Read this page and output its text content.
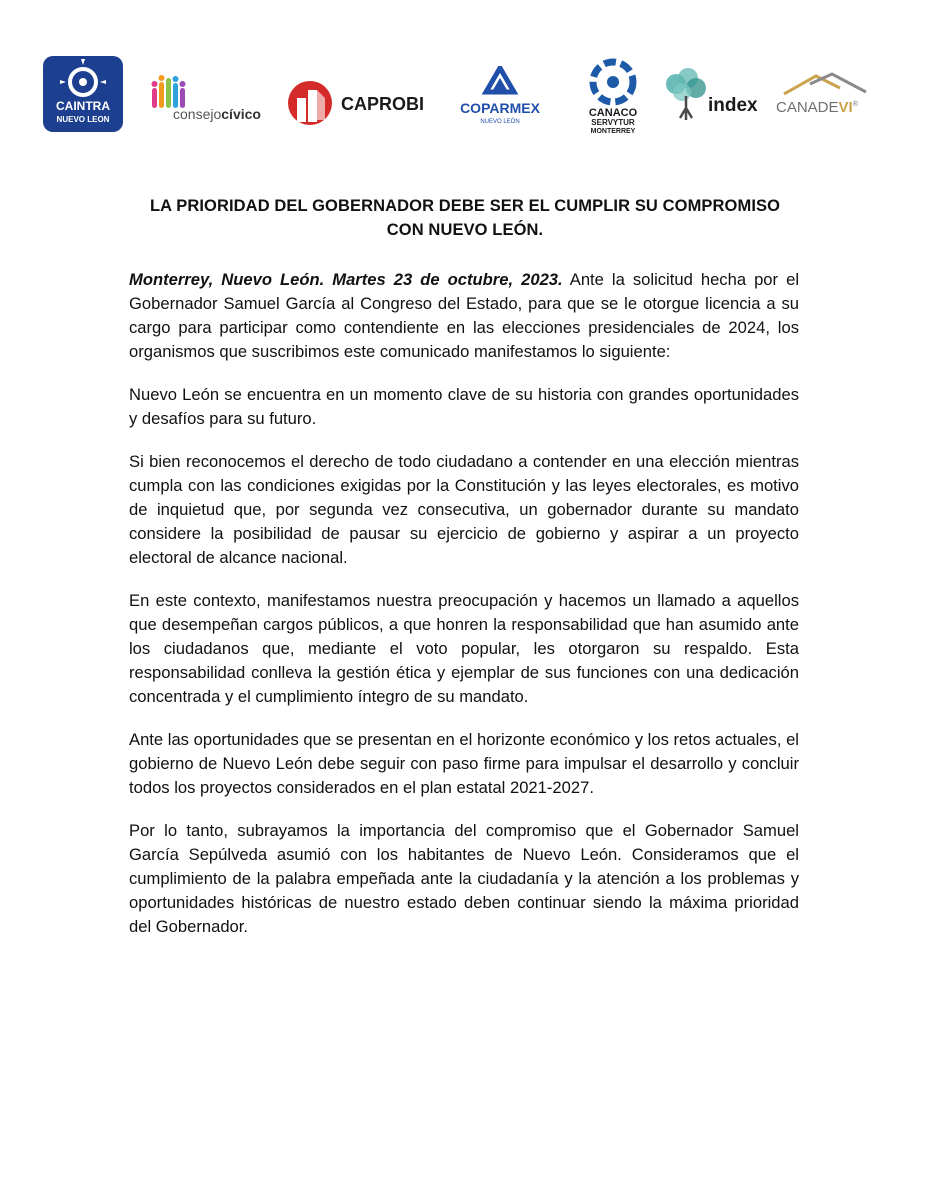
CAINTRA
NUEVO LEON	consejocívico	CAPROBI	COPARMEX
NUEVO LEÓN
CANACO
SERVYTUR
MONTERREY
index CANADEVI®
LA PRIORIDAD DEL GOBERNADOR DEBE SER EL CUMPLIR SU COMPROMISO
CON NUEVO LEÓN.

Monterrey, Nuevo León. Martes 23 de octubre, 2023. Ante la solicitud hecha por el Gobernador Samuel García al Congreso del Estado, para que se le otorgue licencia a su cargo para participar como contendiente en las elecciones presidenciales de 2024, los organismos que suscribimos este comunicado manifestamos lo siguiente:

Nuevo León se encuentra en un momento clave de su historia con grandes oportunidades y desafíos para su futuro.

Si bien reconocemos el derecho de todo ciudadano a contender en una elección mientras cumpla con las condiciones exigidas por la Constitución y las leyes electorales, es motivo de inquietud que, por segunda vez consecutiva, un gobernador durante su mandato considere la posibilidad de pausar su ejercicio de gobierno y aspirar a un proyecto electoral de alcance nacional.

En este contexto, manifestamos nuestra preocupación y hacemos un llamado a aquellos que desempeñan cargos públicos, a que honren la responsabilidad que han asumido ante los ciudadanos que, mediante el voto popular, les otorgaron su respaldo. Esta responsabilidad conlleva la gestión ética y ejemplar de sus funciones con una dedicación concentrada y el cumplimiento íntegro de su mandato.

Ante las oportunidades que se presentan en el horizonte económico y los retos actuales, el gobierno de Nuevo León debe seguir con paso firme para impulsar el desarrollo y concluir todos los proyectos considerados en el plan estatal 2021-2027.

Por lo tanto, subrayamos la importancia del compromiso que el Gobernador Samuel García Sepúlveda asumió con los habitantes de Nuevo León. Consideramos que el cumplimiento de la palabra empeñada ante la ciudadanía y la atención a los problemas y oportunidades históricas de nuestro estado deben continuar siendo la máxima prioridad del Gobernador.
